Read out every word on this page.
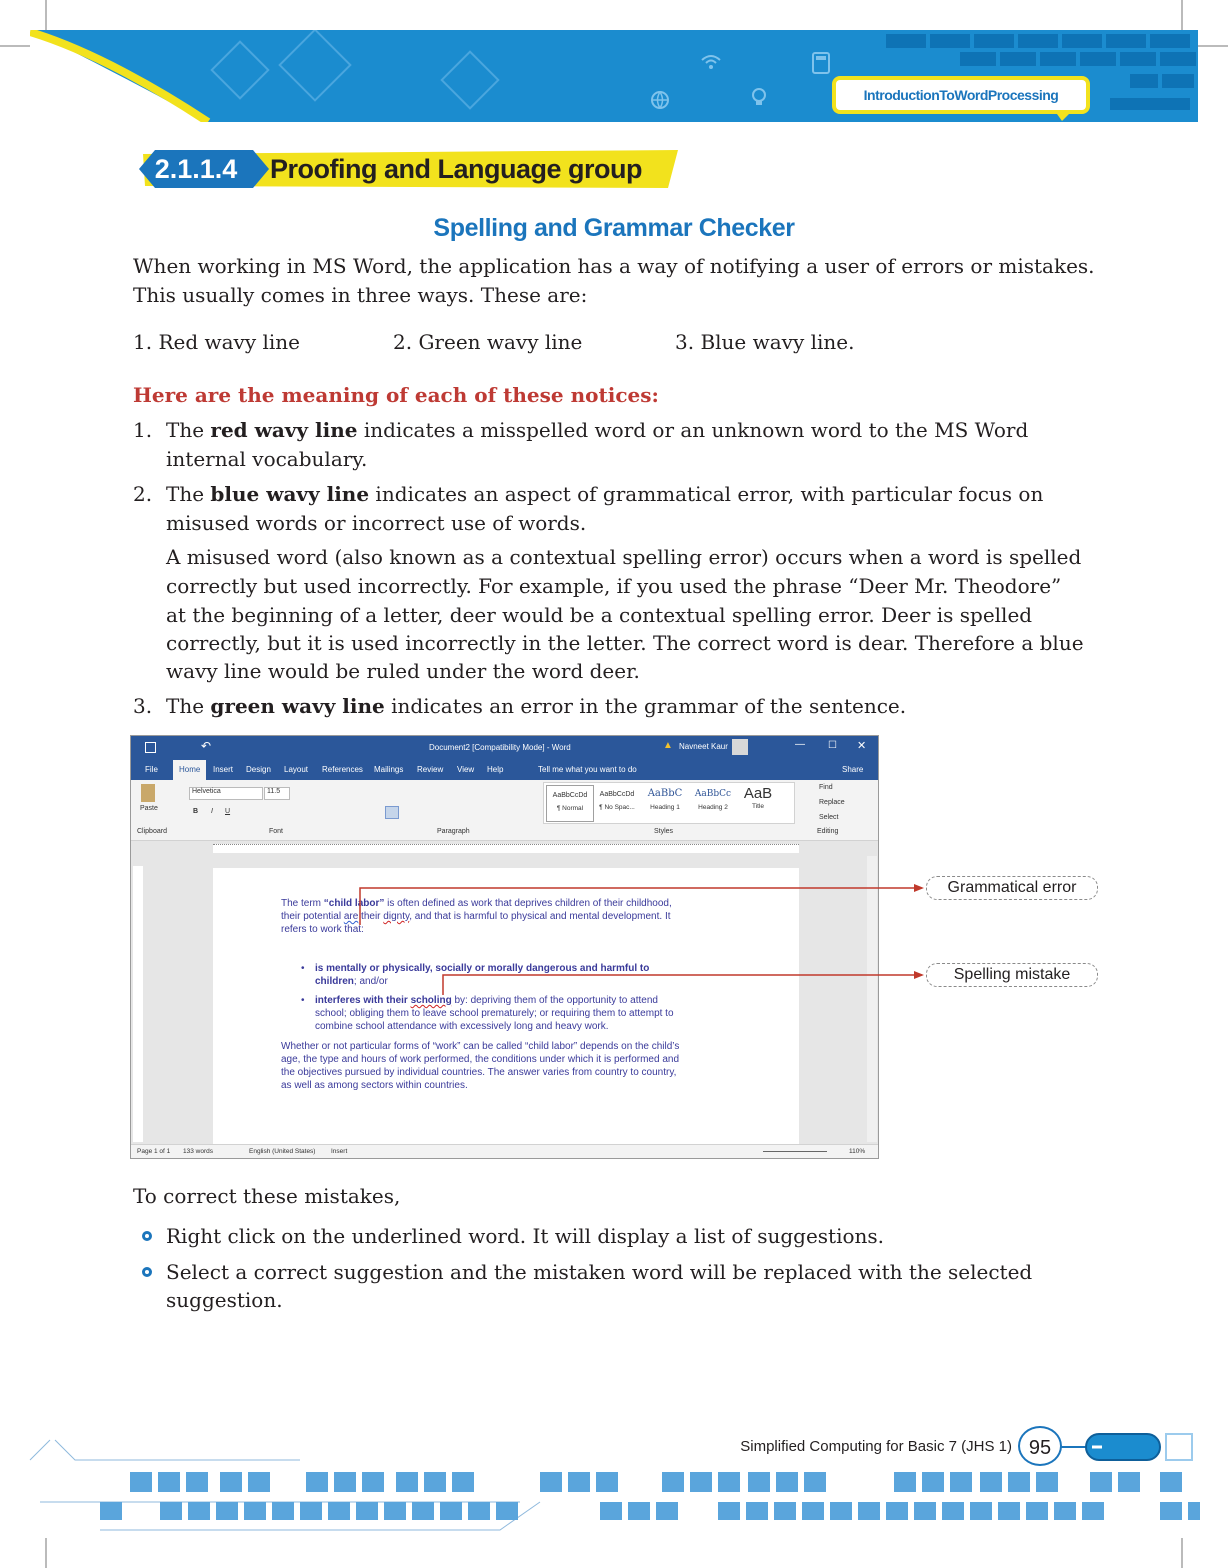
IntroductionToWordProcessing
2.1.1.4	Proofing and Language group
Spelling and Grammar Checker
When working in MS Word, the application has a way of notifying a user of errors or mistakes.
This usually comes in three ways. These are:
1. Red wavy line	2. Green wavy line	3. Blue wavy line.
Here are the meaning of each of these notices:
1. The red wavy line indicates a misspelled word or an unknown word to the MS Word
internal vocabulary.
2. The blue wavy line indicates an aspect of grammatical error, with particular focus on
misused words or incorrect use of words.
A misused word (also known as a contextual spelling error) occurs when a word is spelled
correctly but used incorrectly. For example, if you used the phrase “Deer Mr. Theodore”
at the beginning of a letter, deer would be a contextual spelling error. Deer is spelled
correctly, but it is used incorrectly in the letter. The correct word is dear. Therefore a blue
wavy line would be ruled under the word deer.
3. The green wavy line indicates an error in the grammar of the sentence.
↶	Document2 [Compatibility Mode] - Word	▲ Navneet Kaur	— ☐ ✕
File	Home	Insert Design Layout References Mailings Review View Help	Tell me what you want to do	Share
Paste
Helvetica	11.5
B I U
Clipboard	Font	Paragraph	Styles	Editing
AaBbCcDd
¶ Normal
AaBbCcDd
¶ No Spac...
AaBbC
Heading 1
AaBbCc
Heading 2
AaB
Title
Find
Replace
Select
The term “child labor” is often defined as work that deprives children of their childhood,
their potential are their dignty, and that is harmful to physical and mental development. It
refers to work that:
• is mentally or physically, socially or morally dangerous and harmful to
children; and/or
• interferes with their scholing by: depriving them of the opportunity to attend
school; obliging them to leave school prematurely; or requiring them to attempt to
combine school attendance with excessively long and heavy work.
Whether or not particular forms of “work” can be called “child labor” depends on the child’s
age, the type and hours of work performed, the conditions under which it is performed and
the objectives pursued by individual countries. The answer varies from country to country,
as well as among sectors within countries.
Page 1 of 1 133 words	English (United States) Insert	110%
Grammatical error
Spelling mistake
To correct these mistakes,
Right click on the underlined word. It will display a list of suggestions.
Select a correct suggestion and the mistaken word will be replaced with the selected
suggestion.
Simplified Computing for Basic 7 (JHS 1) 95
